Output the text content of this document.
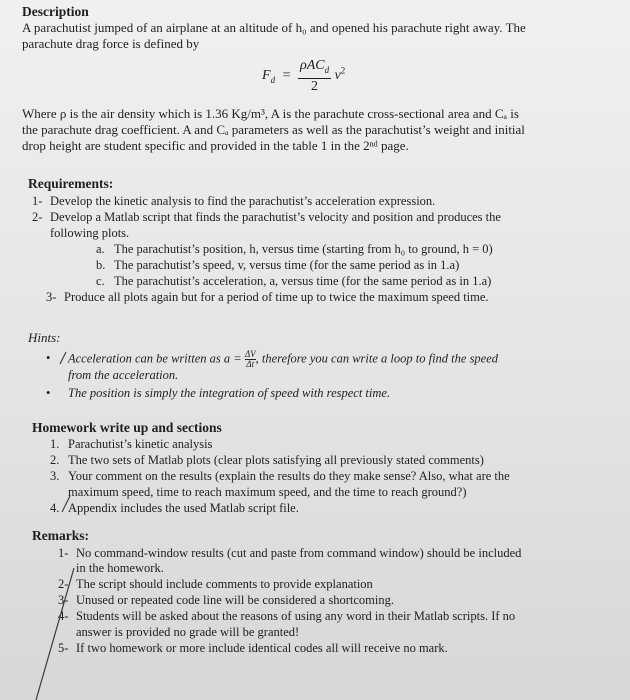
Description
A parachutist jumped of an airplane at an altitude of h₀ and opened his parachute right away. The
parachute drag force is defined by
$F_d = \frac{\rho AC_d}{2} v^2$
Where ρ is the air density which is 1.36 Kg/m³, A is the parachute cross-sectional area and Cₐ is
the parachute drag coefficient. A and Cₐ parameters as well as the parachutist’s weight and initial
drop height are student specific and provided in the table 1 in the 2ⁿᵈ page.
Requirements:
1- Develop the kinetic analysis to find the parachutist’s acceleration expression.
2- Develop a Matlab script that finds the parachutist’s velocity and position and produces the
following plots.
a. The parachutist’s position, h, versus time (starting from h₀ to ground, h = 0)
b. The parachutist’s speed, v, versus time (for the same period as in 1.a)
c. The parachutist’s acceleration, a, versus time (for the same period as in 1.a)
3- Produce all plots again but for a period of time up to twice the maximum speed time.
Hints:
• Acceleration can be written as $a = \frac{\Delta V}{\Delta t}$, therefore you can write a loop to find the speed
from the acceleration.
• The position is simply the integration of speed with respect time.
Homework write up and sections
1. Parachutist’s kinetic analysis
2. The two sets of Matlab plots (clear plots satisfying all previously stated comments)
3. Your comment on the results (explain the results do they make sense? Also, what are the
maximum speed, time to reach maximum speed, and the time to reach ground?)
4. Appendix includes the used Matlab script file.
Remarks:
1- No command-window results (cut and paste from command window) should be included
in the homework.
2- The script should include comments to provide explanation
3- Unused or repeated code line will be considered a shortcoming.
4- Students will be asked about the reasons of using any word in their Matlab scripts. If no
answer is provided no grade will be granted!
5- If two homework or more include identical codes all will receive no mark.
